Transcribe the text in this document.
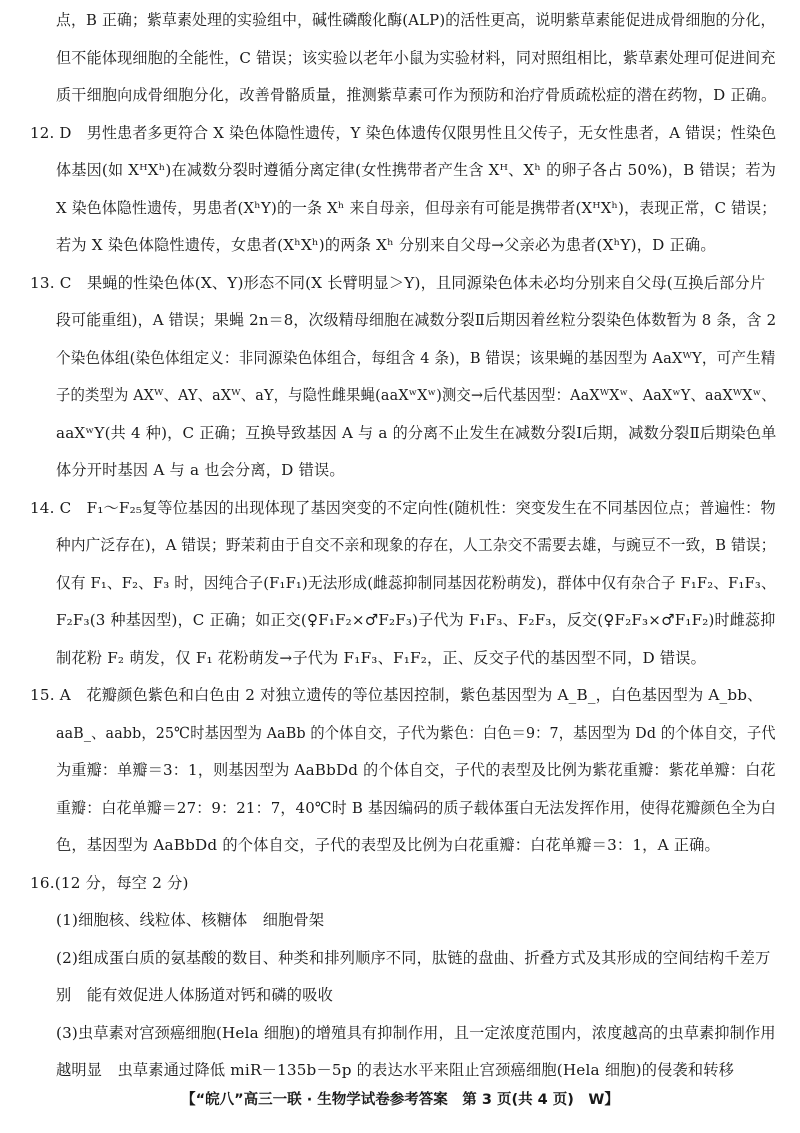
点，B 正确；紫草素处理的实验组中，碱性磷酸化酶(ALP)的活性更高，说明紫草素能促进成骨细胞的分化，
但不能体现细胞的全能性，C 错误；该实验以老年小鼠为实验材料，同对照组相比，紫草素处理可促进间充
质干细胞向成骨细胞分化，改善骨骼质量，推测紫草素可作为预防和治疗骨质疏松症的潜在药物，D 正确。
12. D　男性患者多更符合 X 染色体隐性遗传，Y 染色体遗传仅限男性且父传子，无女性患者，A 错误；性染色
体基因(如 XᴴXʰ)在减数分裂时遵循分离定律(女性携带者产生含 Xᴴ、Xʰ 的卵子各占 50%)，B 错误；若为
X 染色体隐性遗传，男患者(XʰY)的一条 Xʰ 来自母亲，但母亲有可能是携带者(XᴴXʰ)，表现正常，C 错误；
若为 X 染色体隐性遗传，女患者(XʰXʰ)的两条 Xʰ 分别来自父母→父亲必为患者(XʰY)，D 正确。
13. C　果蝇的性染色体(X、Y)形态不同(X 长臂明显＞Y)，且同源染色体未必均分别来自父母(互换后部分片
段可能重组)，A 错误；果蝇 2n＝8，次级精母细胞在减数分裂Ⅱ后期因着丝粒分裂染色体数暂为 8 条，含 2
个染色体组(染色体组定义：非同源染色体组合，每组含 4 条)，B 错误；该果蝇的基因型为 AaXᵂY，可产生精
子的类型为 AXᵂ、AY、aXᵂ、aY，与隐性雌果蝇(aaXʷXʷ)测交→后代基因型：AaXᵂXʷ、AaXʷY、aaXᵂXʷ、
aaXʷY(共 4 种)，C 正确；互换导致基因 A 与 a 的分离不止发生在减数分裂Ⅰ后期，减数分裂Ⅱ后期染色单
体分开时基因 A 与 a 也会分离，D 错误。
14. C　F₁～F₂₅复等位基因的出现体现了基因突变的不定向性(随机性：突变发生在不同基因位点；普遍性：物
种内广泛存在)，A 错误；野茉莉由于自交不亲和现象的存在，人工杂交不需要去雄，与豌豆不一致，B 错误；
仅有 F₁、F₂、F₃ 时，因纯合子(F₁F₁)无法形成(雌蕊抑制同基因花粉萌发)，群体中仅有杂合子 F₁F₂、F₁F₃、
F₂F₃(3 种基因型)，C 正确；如正交(♀F₁F₂×♂F₂F₃)子代为 F₁F₃、F₂F₃，反交(♀F₂F₃×♂F₁F₂)时雌蕊抑
制花粉 F₂ 萌发，仅 F₁ 花粉萌发→子代为 F₁F₃、F₁F₂，正、反交子代的基因型不同，D 错误。
15. A　花瓣颜色紫色和白色由 2 对独立遗传的等位基因控制，紫色基因型为 A_B_，白色基因型为 A_bb、
aaB_、aabb，25℃时基因型为 AaBb 的个体自交，子代为紫色：白色＝9：7，基因型为 Dd 的个体自交，子代
为重瓣：单瓣＝3：1，则基因型为 AaBbDd 的个体自交，子代的表型及比例为紫花重瓣：紫花单瓣：白花
重瓣：白花单瓣＝27：9：21：7，40℃时 B 基因编码的质子载体蛋白无法发挥作用，使得花瓣颜色全为白
色，基因型为 AaBbDd 的个体自交，子代的表型及比例为白花重瓣：白花单瓣＝3：1，A 正确。
16.(12 分，每空 2 分)
(1)细胞核、线粒体、核糖体　细胞骨架
(2)组成蛋白质的氨基酸的数目、种类和排列顺序不同，肽链的盘曲、折叠方式及其形成的空间结构千差万
别　能有效促进人体肠道对钙和磷的吸收
(3)虫草素对宫颈癌细胞(Hela 细胞)的增殖具有抑制作用，且一定浓度范围内，浓度越高的虫草素抑制作用
越明显　虫草素通过降低 miR－135b－5p 的表达水平来阻止宫颈癌细胞(Hela 细胞)的侵袭和转移
【“皖八”高三一联 · 生物学试卷参考答案　第 3 页(共 4 页)　W】
